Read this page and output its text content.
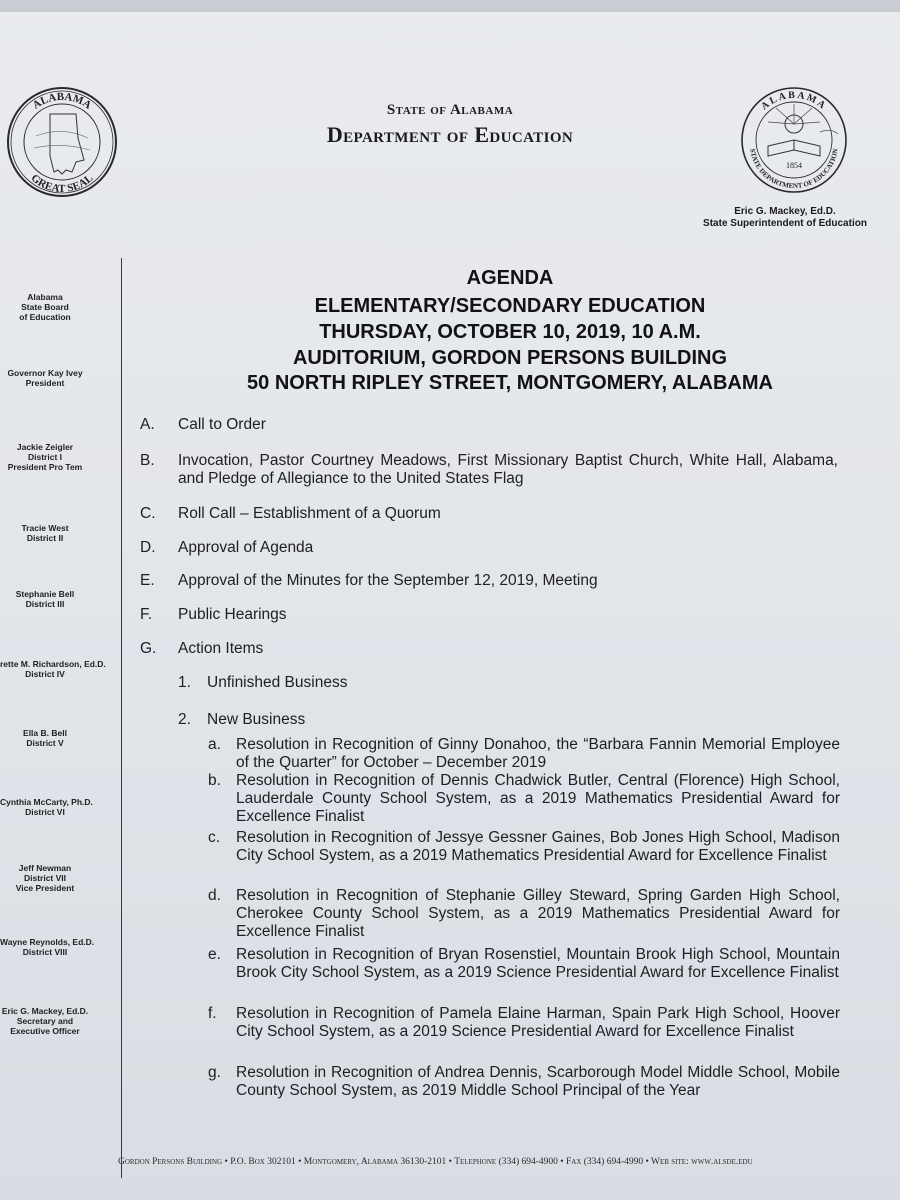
ALABAMA
GREAT SEAL
1854
ALABAMA
STATE DEPARTMENT OF EDUCATION
State of Alabama
Department of Education
Eric G. Mackey, Ed.D.
State Superintendent of Education
Alabama
State Board
of Education
Governor Kay Ivey
President
Jackie Zeigler
District I
President Pro Tem
Tracie West
District II
Stephanie Bell
District III
rette M. Richardson, Ed.D.
District IV
Ella B. Bell
District V
Cynthia McCarty, Ph.D.
District VI
Jeff Newman
District VII
Vice President
Wayne Reynolds, Ed.D.
District VIII
Eric G. Mackey, Ed.D.
Secretary and
Executive Officer
AGENDA
ELEMENTARY/SECONDARY EDUCATION
THURSDAY, OCTOBER 10, 2019, 10 A.M.
AUDITORIUM, GORDON PERSONS BUILDING
50 NORTH RIPLEY STREET, MONTGOMERY, ALABAMA
A.	Call to Order
B.	Invocation, Pastor Courtney Meadows, First Missionary Baptist Church, White Hall, Alabama, and Pledge of Allegiance to the United States Flag
C.	Roll Call – Establishment of a Quorum
D.	Approval of Agenda
E.	Approval of the Minutes for the September 12, 2019, Meeting
F.	Public Hearings
G.	Action Items
1.	Unfinished Business
2.	New Business
a. Resolution in Recognition of Ginny Donahoo, the “Barbara Fannin Memorial Employee of the Quarter” for October – December 2019
b. Resolution in Recognition of Dennis Chadwick Butler, Central (Florence) High School, Lauderdale County School System, as a 2019 Mathematics Presidential Award for Excellence Finalist
c.	Resolution in Recognition of Jessye Gessner Gaines, Bob Jones High School, Madison City School System, as a 2019 Mathematics Presidential Award for Excellence Finalist
d. Resolution in Recognition of Stephanie Gilley Steward, Spring Garden High School, Cherokee County School System, as a 2019 Mathematics Presidential Award for Excellence Finalist
e. Resolution in Recognition of Bryan Rosenstiel, Mountain Brook High School, Mountain Brook City School System, as a 2019 Science Presidential Award for Excellence Finalist
f.	Resolution in Recognition of Pamela Elaine Harman, Spain Park High School, Hoover City School System, as a 2019 Science Presidential Award for Excellence Finalist
g. Resolution in Recognition of Andrea Dennis, Scarborough Model Middle School, Mobile County School System, as 2019 Middle School Principal of the Year
Gordon Persons Building • P.O. Box 302101 • Montgomery, Alabama 36130-2101 • Telephone (334) 694-4900 • Fax (334) 694-4990 • Web site: www.alsde.edu
